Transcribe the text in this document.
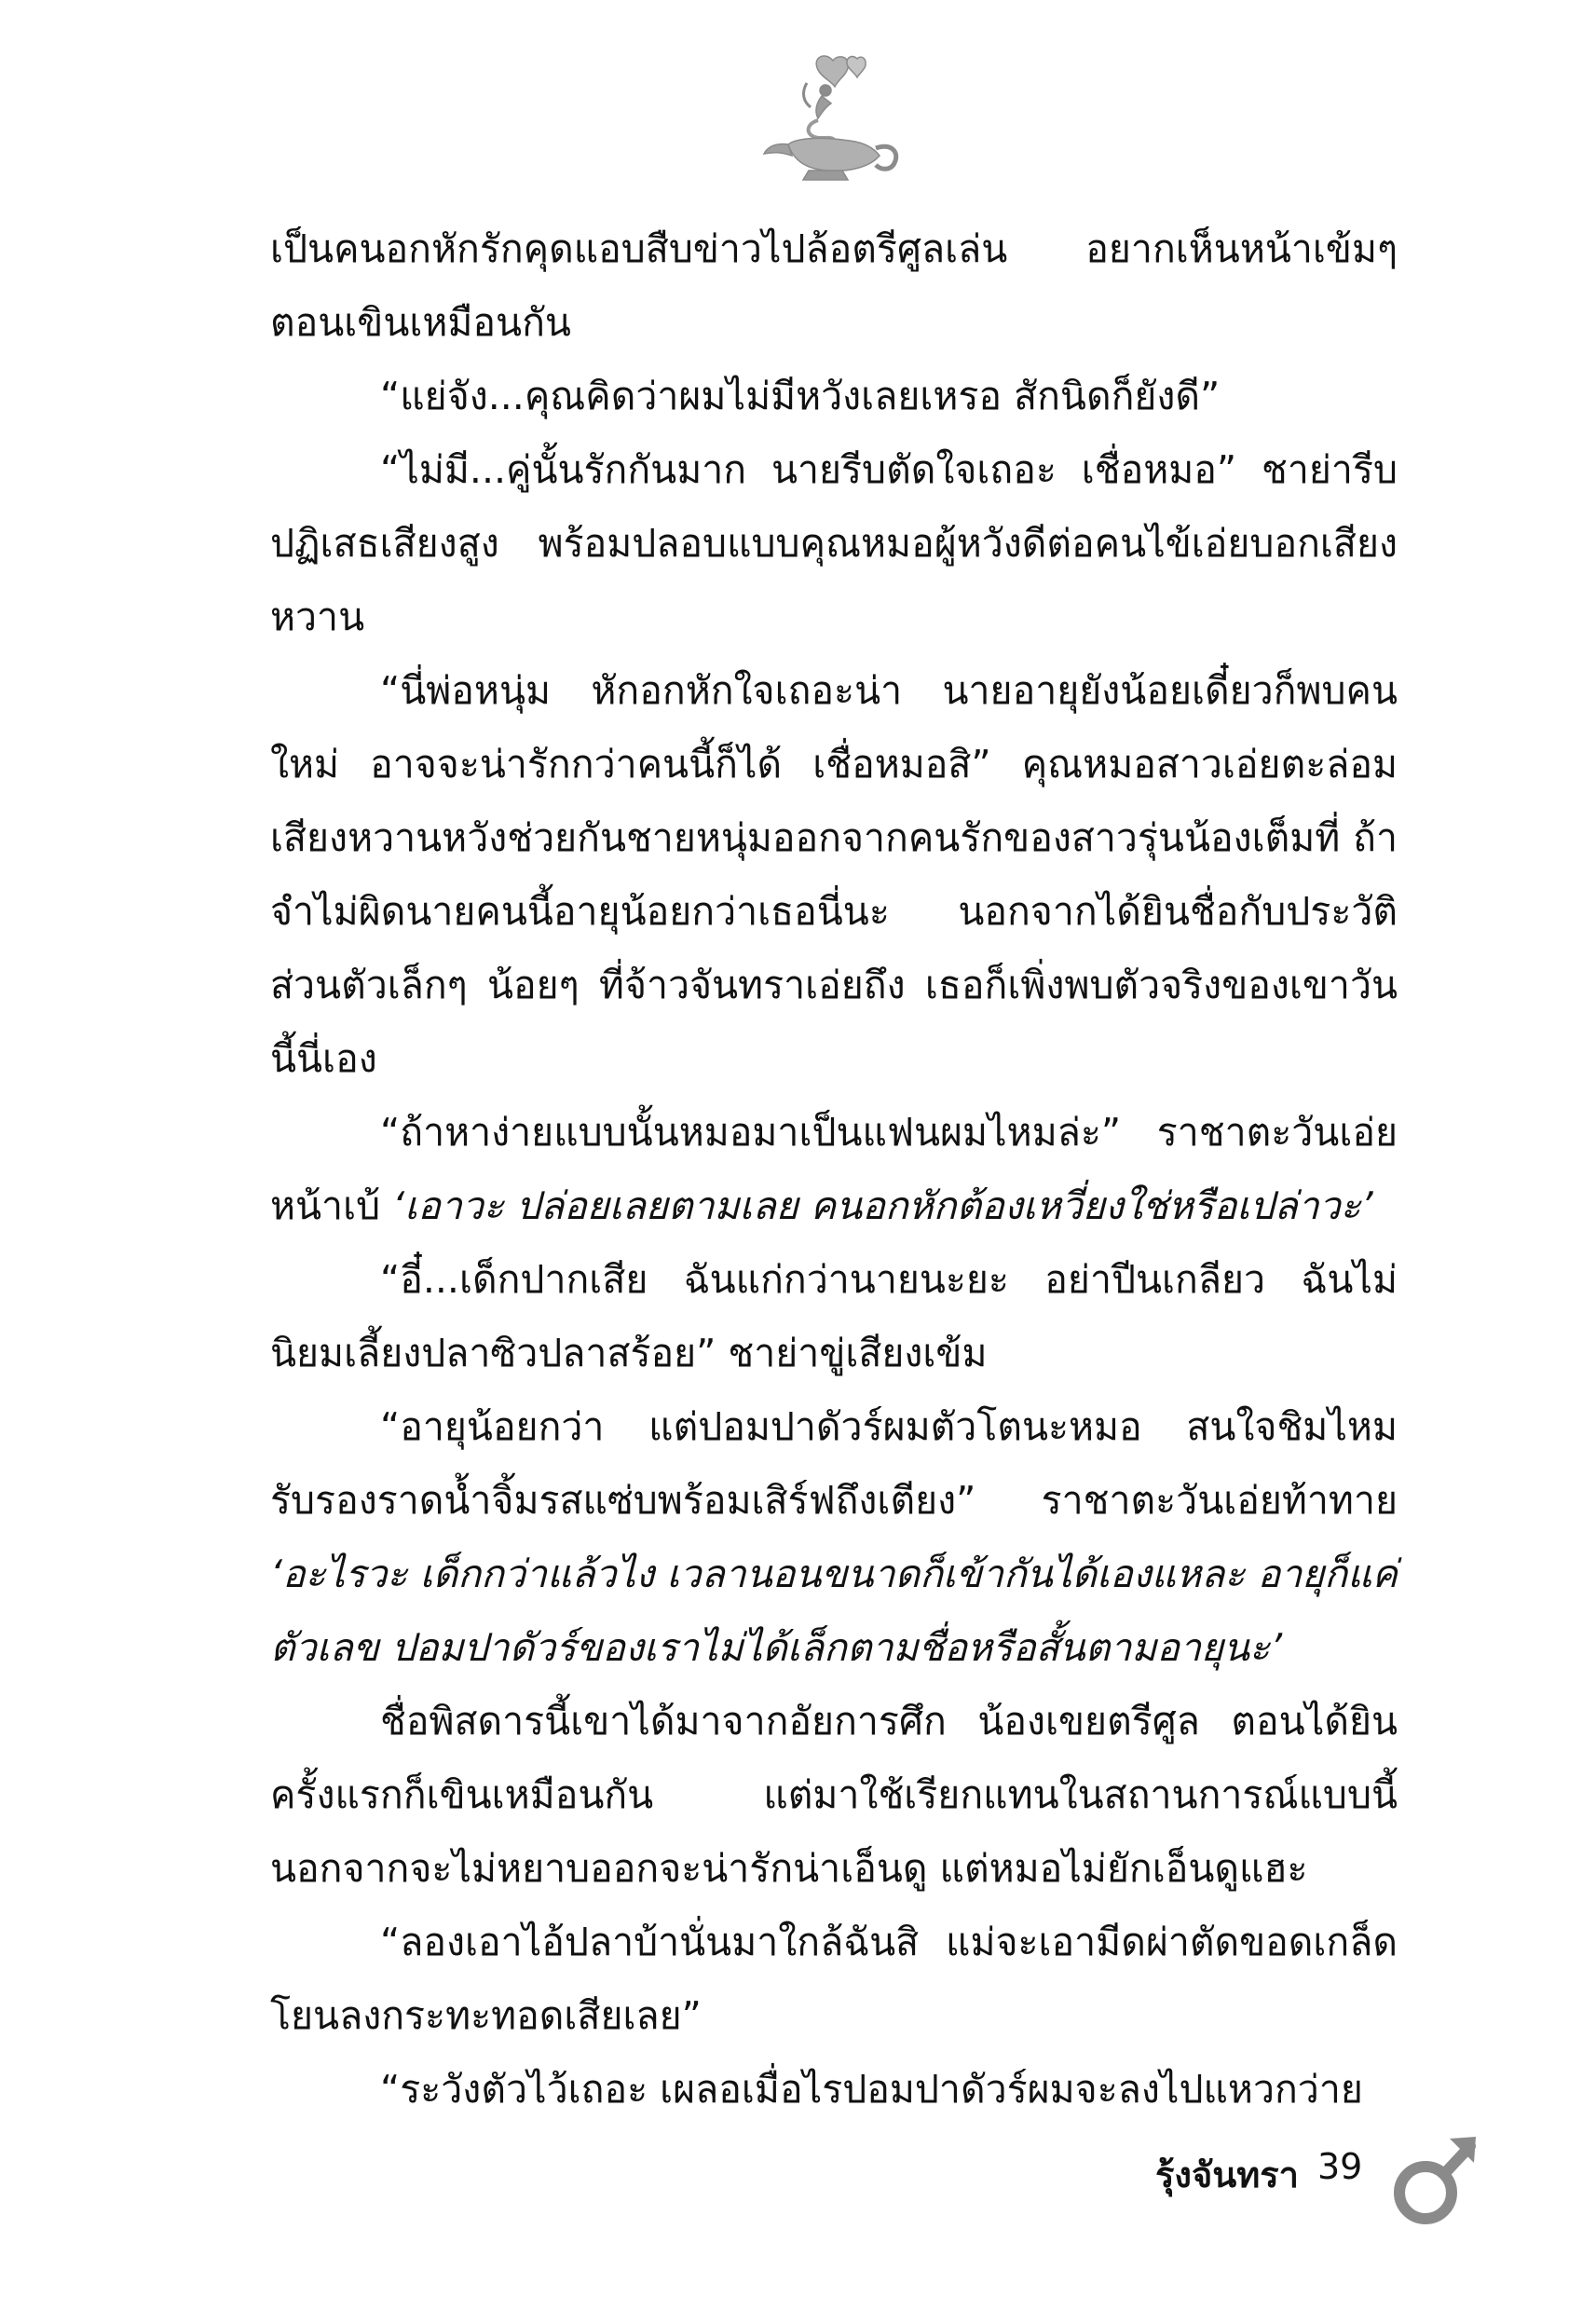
เป็นคนอกหักรักคุดแอบสืบข่าวไปล้อตรีศูลเล่น อยากเห็นหน้าเข้มๆ ตอนเขินเหมือนกัน

“แย่จัง...คุณคิดว่าผมไม่มีหวังเลยเหรอ สักนิดก็ยังดี”

“ไม่มี...คู่นั้นรักกันมาก นายรีบตัดใจเถอะ เชื่อหมอ” ชาย่ารีบปฏิเสธเสียงสูง พร้อมปลอบแบบคุณหมอผู้หวังดีต่อคนไข้เอ่ยบอกเสียงหวาน

“นี่พ่อหนุ่ม หักอกหักใจเถอะน่า นายอายุยังน้อยเดี๋ยวก็พบคนใหม่ อาจจะน่ารักกว่าคนนี้ก็ได้ เชื่อหมอสิ” คุณหมอสาวเอ่ยตะล่อมเสียงหวานหวังช่วยกันชายหนุ่มออกจากคนรักของสาวรุ่นน้องเต็มที่ ถ้าจำไม่ผิดนายคนนี้อายุน้อยกว่าเธอนี่นะ นอกจากได้ยินชื่อกับประวัติส่วนตัวเล็กๆ น้อยๆ ที่จ้าวจันทราเอ่ยถึง เธอก็เพิ่งพบตัวจริงของเขาวันนี้นี่เอง

“ถ้าหาง่ายแบบนั้นหมอมาเป็นแฟนผมไหมล่ะ” ราชาตะวันเอ่ยหน้าเบ้ ‘เอาวะ ปล่อยเลยตามเลย คนอกหักต้องเหวี่ยงใช่หรือเปล่าวะ’

“อี๋...เด็กปากเสีย ฉันแก่กว่านายนะยะ อย่าปีนเกลียว ฉันไม่นิยมเลี้ยงปลาซิวปลาสร้อย” ชาย่าขู่เสียงเข้ม

“อายุน้อยกว่า แต่ปอมปาดัวร์ผมตัวโตนะหมอ สนใจชิมไหมรับรองราดน้ำจิ้มรสแซ่บพร้อมเสิร์ฟถึงเตียง” ราชาตะวันเอ่ยท้าทาย ‘อะไรวะ เด็กกว่าแล้วไง เวลานอนขนาดก็เข้ากันได้เองแหละ อายุก็แค่ตัวเลข ปอมปาดัวร์ของเราไม่ได้เล็กตามชื่อหรือสั้นตามอายุนะ’

ชื่อพิสดารนี้เขาได้มาจากอัยการศึก น้องเขยตรีศูล ตอนได้ยินครั้งแรกก็เขินเหมือนกัน แต่มาใช้เรียกแทนในสถานการณ์แบบนี้นอกจากจะไม่หยาบออกจะน่ารักน่าเอ็นดู แต่หมอไม่ยักเอ็นดูแฮะ

“ลองเอาไอ้ปลาบ้านั่นมาใกล้ฉันสิ แม่จะเอามีดผ่าตัดขอดเกล็ดโยนลงกระทะทอดเสียเลย”

“ระวังตัวไว้เถอะ เผลอเมื่อไรปอมปาดัวร์ผมจะลงไปแหวกว่าย

รุ้งจันทรา 39
